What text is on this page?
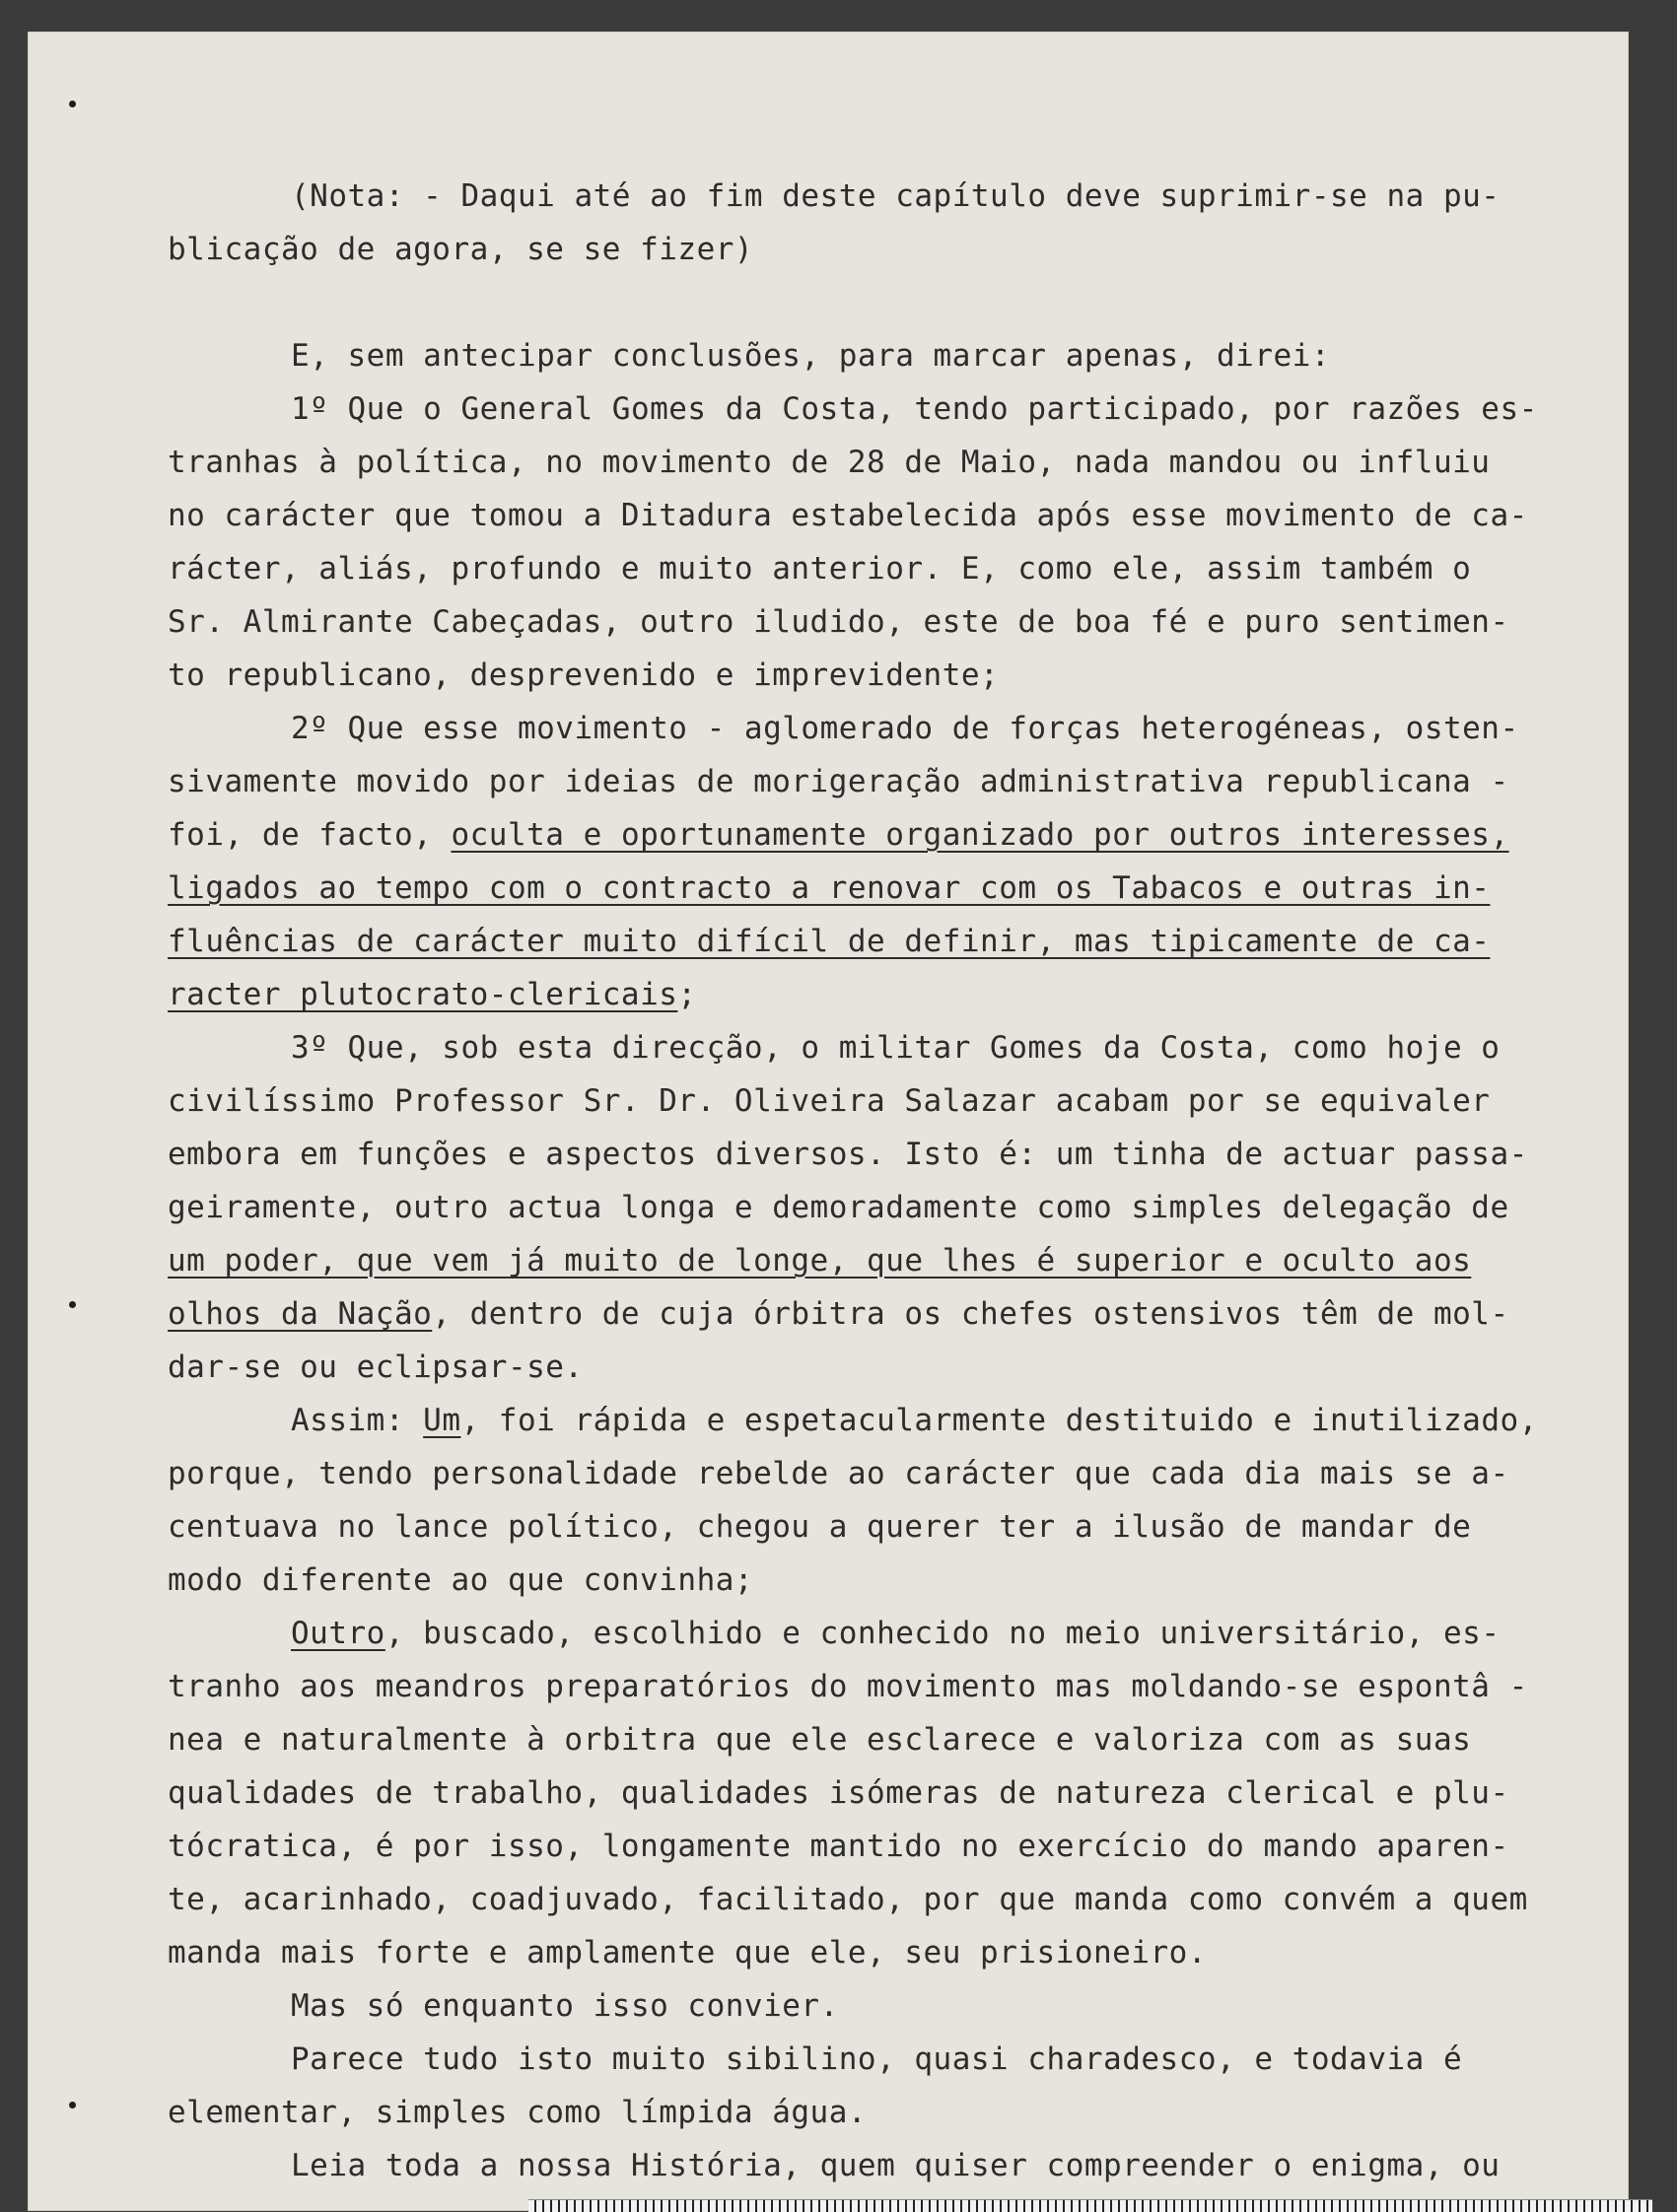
(Nota: - Daqui até ao fim deste capítulo deve suprimir-se na pu-
blicação de agora, se se fizer)
E, sem antecipar conclusões, para marcar apenas, direi:
1º Que o General Gomes da Costa, tendo participado, por razões es-
tranhas à política, no movimento de 28 de Maio, nada mandou ou influiu
no carácter que tomou a Ditadura estabelecida após esse movimento de ca-
rácter, aliás, profundo e muito anterior. E, como ele, assim também o
Sr. Almirante Cabeçadas, outro iludido, este de boa fé e puro sentimen-
to republicano, desprevenido e imprevidente;
2º Que esse movimento - aglomerado de forças heterogéneas, osten-
sivamente movido por ideias de morigeração administrativa republicana -
foi, de facto, oculta e oportunamente organizado por outros interesses,
ligados ao tempo com o contracto a renovar com os Tabacos e outras in-
fluências de carácter muito difícil de definir, mas tipicamente de ca-
racter plutocrato-clericais;
3º Que, sob esta direcção, o militar Gomes da Costa, como hoje o
civilíssimo Professor Sr. Dr. Oliveira Salazar acabam por se equivaler
embora em funções e aspectos diversos. Isto é: um tinha de actuar passa-
geiramente, outro actua longa e demoradamente como simples delegação de
um poder, que vem já muito de longe, que lhes é superior e oculto aos
olhos da Nação, dentro de cuja órbitra os chefes ostensivos têm de mol-
dar-se ou eclipsar-se.
Assim: Um, foi rápida e espetacularmente destituido e inutilizado,
porque, tendo personalidade rebelde ao carácter que cada dia mais se a-
centuava no lance político, chegou a querer ter a ilusão de mandar de
modo diferente ao que convinha;
Outro, buscado, escolhido e conhecido no meio universitário, es-
tranho aos meandros preparatórios do movimento mas moldando-se espontâ -
nea e naturalmente à orbitra que ele esclarece e valoriza com as suas
qualidades de trabalho, qualidades isómeras de natureza clerical e plu-
tócratica, é por isso, longamente mantido no exercício do mando aparen-
te, acarinhado, coadjuvado, facilitado, por que manda como convém a quem
manda mais forte e amplamente que ele, seu prisioneiro.
Mas só enquanto isso convier.
Parece tudo isto muito sibilino, quasi charadesco, e todavia é
elementar, simples como límpida água.
Leia toda a nossa História, quem quiser compreender o enigma, ou
